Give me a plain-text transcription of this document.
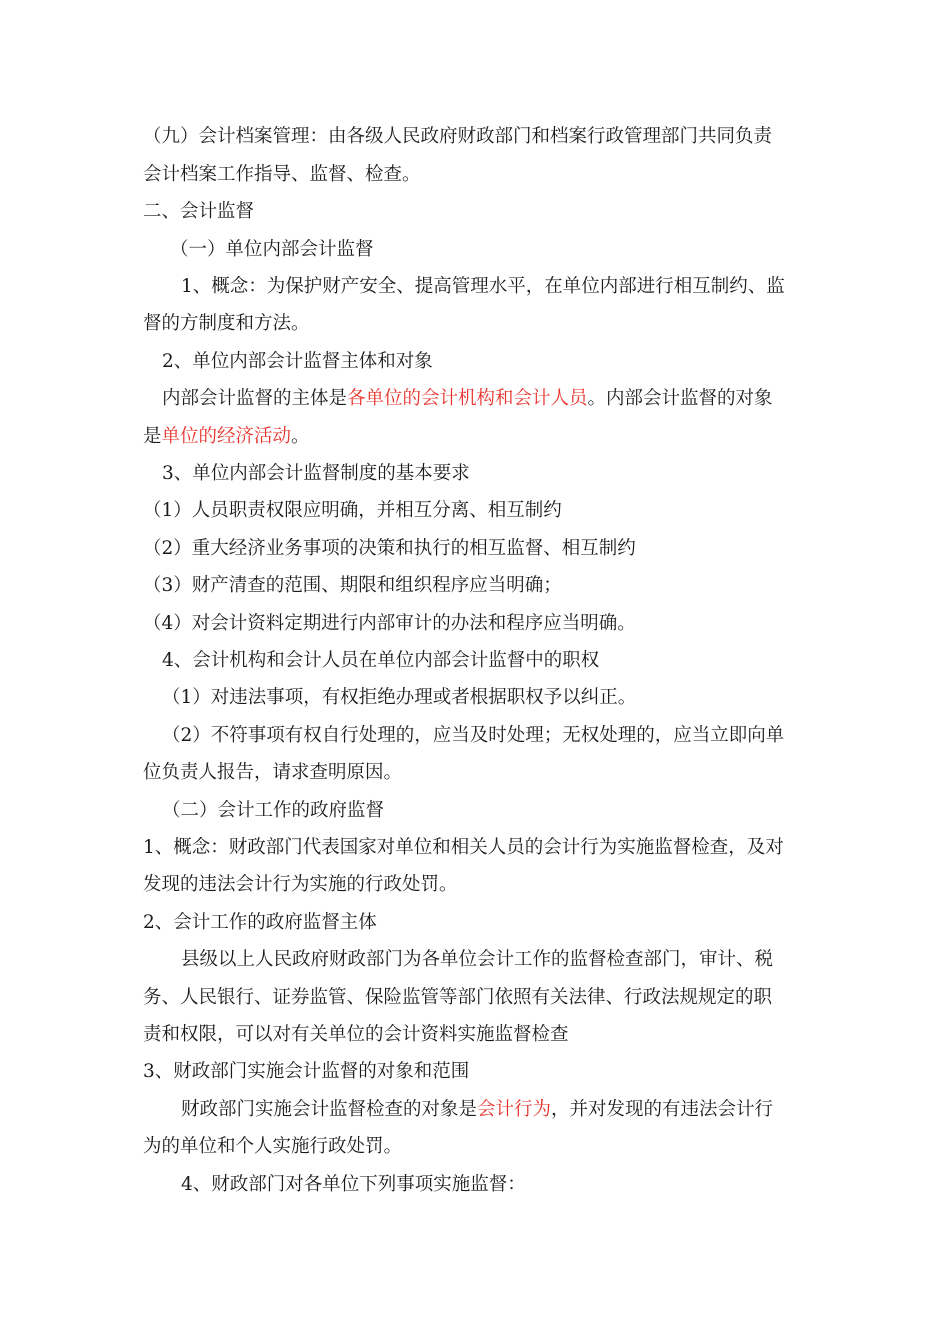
（九）会计档案管理：由各级人民政府财政部门和档案行政管理部门共同负责
会计档案工作指导、监督、检查。
二、会计监督
（一）单位内部会计监督
1、概念：为保护财产安全、提高管理水平，在单位内部进行相互制约、监
督的方制度和方法。
2、单位内部会计监督主体和对象
内部会计监督的主体是各单位的会计机构和会计人员。内部会计监督的对象
是单位的经济活动。
3、单位内部会计监督制度的基本要求
（1）人员职责权限应明确，并相互分离、相互制约
（2）重大经济业务事项的决策和执行的相互监督、相互制约
（3）财产清查的范围、期限和组织程序应当明确；
（4）对会计资料定期进行内部审计的办法和程序应当明确。
4、会计机构和会计人员在单位内部会计监督中的职权
（1）对违法事项，有权拒绝办理或者根据职权予以纠正。
（2）不符事项有权自行处理的，应当及时处理；无权处理的，应当立即向单
位负责人报告，请求查明原因。
（二）会计工作的政府监督
1、概念：财政部门代表国家对单位和相关人员的会计行为实施监督检查，及对
发现的违法会计行为实施的行政处罚。
2、会计工作的政府监督主体
县级以上人民政府财政部门为各单位会计工作的监督检查部门，审计、税
务、人民银行、证券监管、保险监管等部门依照有关法律、行政法规规定的职
责和权限，可以对有关单位的会计资料实施监督检查
3、财政部门实施会计监督的对象和范围
财政部门实施会计监督检查的对象是会计行为，并对发现的有违法会计行
为的单位和个人实施行政处罚。
4、财政部门对各单位下列事项实施监督：
